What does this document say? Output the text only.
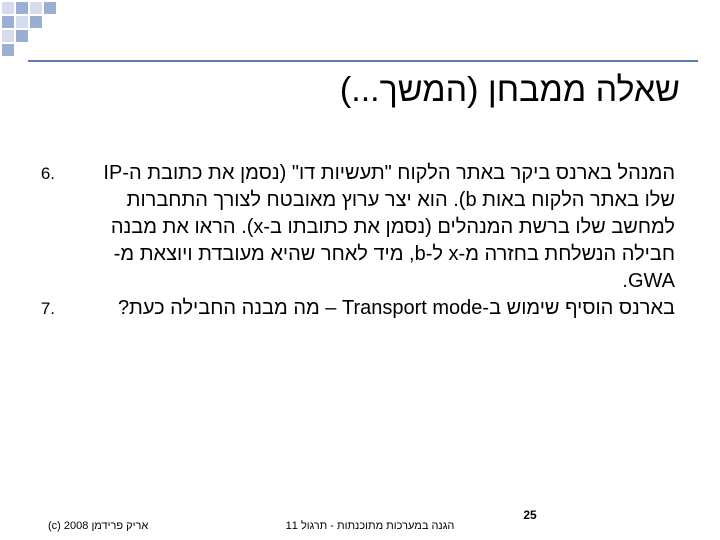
שאלה ממבחן (המשך...)
6.	המנהל בארנס ביקר באתר הלקוח "תעשיות דו" (נסמן את כתובת ה-IP שלו באתר הלקוח באות b). הוא יצר ערוץ מאובטח לצורך התחברות למחשב שלו ברשת המנהלים (נסמן את כתובתו ב-x). הראו את מבנה חבילה הנשלחת בחזרה מ-x ל-b, מיד לאחר שהיא מעובדת ויוצאת מ-GWA.
7.	בארנס הוסיף שימוש ב-Transport mode – מה מבנה החבילה כעת?
אריק פרידמן 2008 (c)	הגנה במערכות מתוכנתות - תרגול 11
25
